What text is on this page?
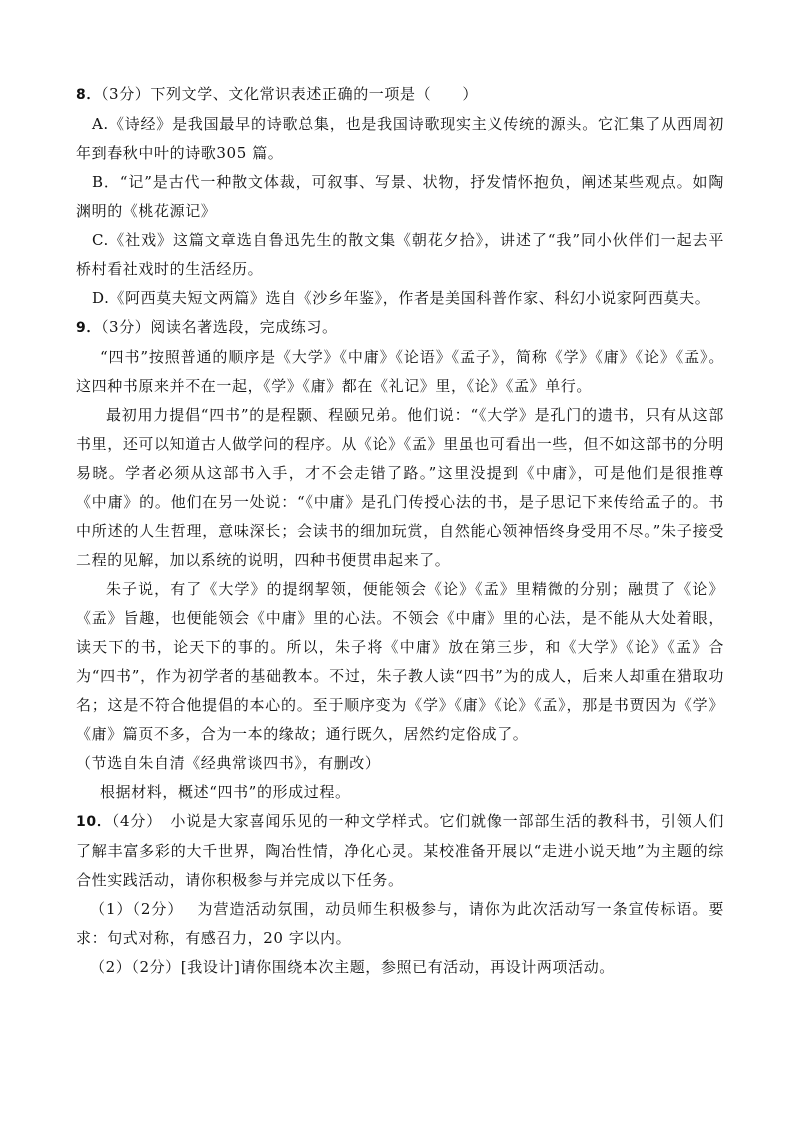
8．（3分）下列文学、文化常识表述正确的一项是（　　）

A.《诗经》是我国最早的诗歌总集，也是我国诗歌现实主义传统的源头。它汇集了从西周初年到春秋中叶的诗歌305 篇。

B．“记”是古代一种散文体裁，可叙事、写景、状物，抒发情怀抱负，阐述某些观点。如陶渊明的《桃花源记》

C.《社戏》这篇文章选自鲁迅先生的散文集《朝花夕拾》，讲述了“我”同小伙伴们一起去平桥村看社戏时的生活经历。

D.《阿西莫夫短文两篇》选自《沙乡年鉴》，作者是美国科普作家、科幻小说家阿西莫夫。

9．（3分）阅读名著选段，完成练习。

“四书”按照普通的顺序是《大学》《中庸》《论语》《孟子》，简称《学》《庸》《论》《孟》。这四种书原来并不在一起，《学》《庸》都在《礼记》里，《论》《孟》单行。

最初用力提倡“四书”的是程颢、程颐兄弟。他们说：“《大学》是孔门的遗书，只有从这部书里，还可以知道古人做学问的程序。从《论》《孟》里虽也可看出一些，但不如这部书的分明易晓。学者必须从这部书入手，才不会走错了路。”这里没提到《中庸》，可是他们是很推尊《中庸》的。他们在另一处说：“《中庸》是孔门传授心法的书，是子思记下来传给孟子的。书中所述的人生哲理，意味深长；会读书的细加玩赏，自然能心领神悟终身受用不尽。”朱子接受二程的见解，加以系统的说明，四种书便贯串起来了。

朱子说，有了《大学》的提纲挈领，便能领会《论》《孟》里精微的分别；融贯了《论》《孟》旨趣，也便能领会《中庸》里的心法。不领会《中庸》里的心法，是不能从大处着眼，读天下的书，论天下的事的。所以，朱子将《中庸》放在第三步，和《大学》《论》《孟》合为“四书”，作为初学者的基础教本。不过，朱子教人读“四书”为的成人，后来人却重在猎取功名；这是不符合他提倡的本心的。至于顺序变为《学》《庸》《论》《孟》，那是书贾因为《学》《庸》篇页不多，合为一本的缘故；通行既久，居然约定俗成了。

（节选自朱自清《经典常谈四书》，有删改）

根据材料，概述“四书”的形成过程。

10．（4分）　小说是大家喜闻乐见的一种文学样式。它们就像一部部生活的教科书，引领人们了解丰富多彩的大千世界，陶冶性情，净化心灵。某校准备开展以“走进小说天地”为主题的综合性实践活动，请你积极参与并完成以下任务。

（1）（2分）　 为营造活动氛围，动员师生积极参与，请你为此次活动写一条宣传标语。要求：句式对称，有感召力，20 字以内。

（2）（2分）[我设计]请你围绕本次主题，参照已有活动，再设计两项活动。
